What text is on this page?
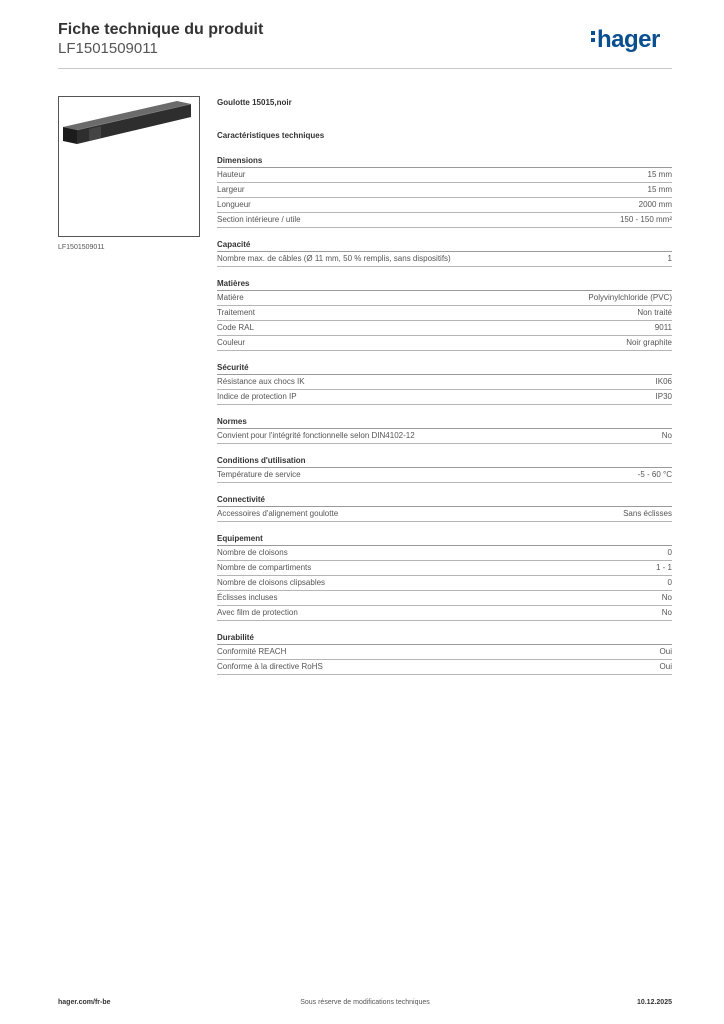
Fiche technique du produit
LF1501509011	hager
LF1501509011
Goulotte 15015,noir
Caractéristiques techniques
Dimensions
Hauteur	15 mm
Largeur	15 mm
Longueur	2000 mm
Section intérieure / utile	150 - 150 mm²
Capacité
Nombre max. de câbles (Ø 11 mm, 50 % remplis, sans dispositifs)	1
Matières
Matière	Polyvinylchloride (PVC)
Traitement	Non traité
Code RAL	9011
Couleur	Noir graphite
Sécurité
Résistance aux chocs IK	IK06
Indice de protection IP	IP30
Normes
Convient pour l'intégrité fonctionnelle selon DIN4102-12	No
Conditions d'utilisation
Température de service	-5 - 60 °C
Connectivité
Accessoires d'alignement goulotte	Sans éclisses
Equipement
Nombre de cloisons	0
Nombre de compartiments	1 - 1
Nombre de cloisons clipsables	0
Éclisses incluses	No
Avec film de protection	No
Durabilité
Conformité REACH	Oui
Conforme à la directive RoHS	Oui
hager.com/fr-be	Sous réserve de modifications techniques	10.12.2025
